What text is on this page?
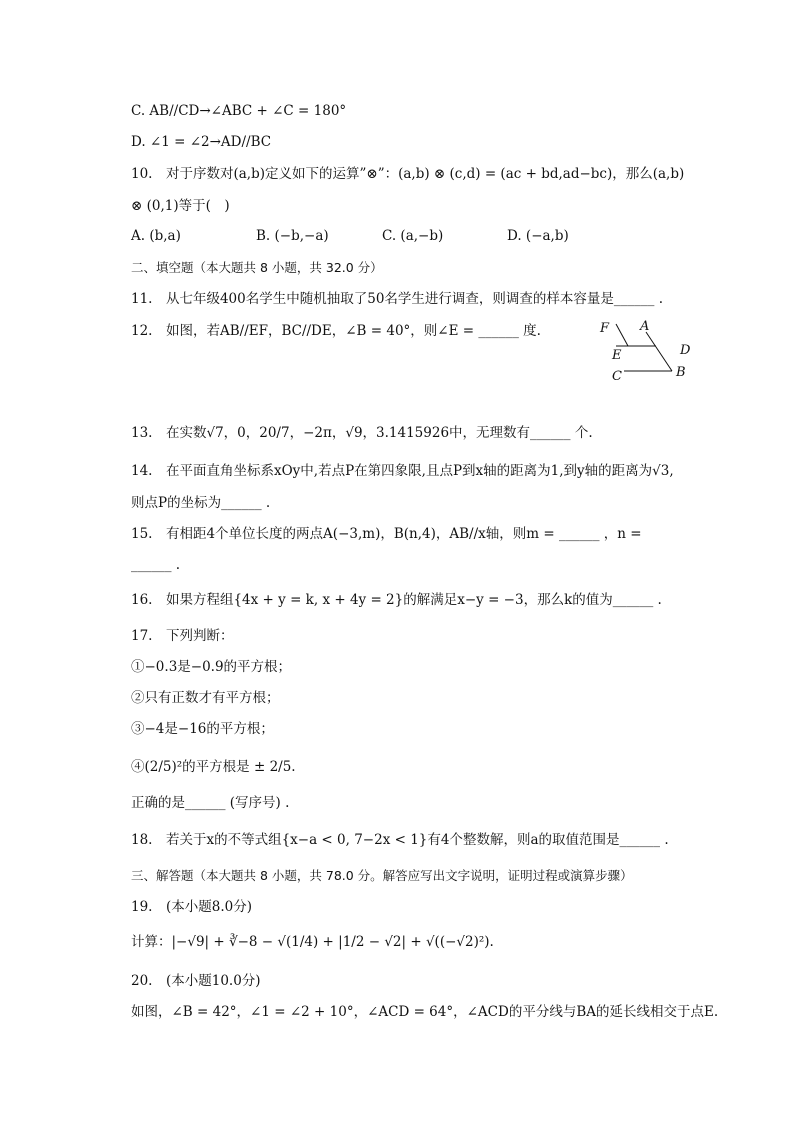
C. AB//CD→∠ABC + ∠C = 180°
D. ∠1 = ∠2→AD//BC
10.　对于序数对(a,b)定义如下的运算”⊗”：(a,b) ⊗ (c,d) = (ac + bd,ad−bc)，那么(a,b)
⊗ (0,1)等于(　)
A. (b,a)	B. (−b,−a)	C. (a,−b)	D. (−a,b)
二、填空题（本大题共 8 小题，共 32.0 分）
11.　从七年级400名学生中随机抽取了50名学生进行调查，则调查的样本容量是______ .
12.　如图，若AB//EF，BC//DE，∠B = 40°，则∠E = ______ 度.	F A
E	D
C	B
13.　在实数√7，0，20/7，−2π，√9，3.1415926中，无理数有______ 个.
14.　在平面直角坐标系xOy中,若点P在第四象限,且点P到x轴的距离为1,到y轴的距离为√3,
则点P的坐标为______ .
15.　有相距4个单位长度的两点A(−3,m)，B(n,4)，AB//x轴，则m = ______ ，n =
______ .
16.　如果方程组{4x + y = k, x + 4y = 2}的解满足x−y = −3，那么k的值为______ .
17.　下列判断：
①−0.3是−0.9的平方根；
②只有正数才有平方根；
③−4是−16的平方根；
④(2/5)²的平方根是 ± 2/5.
正确的是______ (写序号) .
18.　若关于x的不等式组{x−a < 0, 7−2x < 1}有4个整数解，则a的取值范围是______ .
三、解答题（本大题共 8 小题，共 78.0 分。解答应写出文字说明，证明过程或演算步骤）
19.　(本小题8.0分)
计算：|−√9| + ∛−8 − √(1/4) + |1/2 − √2| + √((−√2)²).
20.　(本小题10.0分)
如图，∠B = 42°，∠1 = ∠2 + 10°，∠ACD = 64°，∠ACD的平分线与BA的延长线相交于点E.
